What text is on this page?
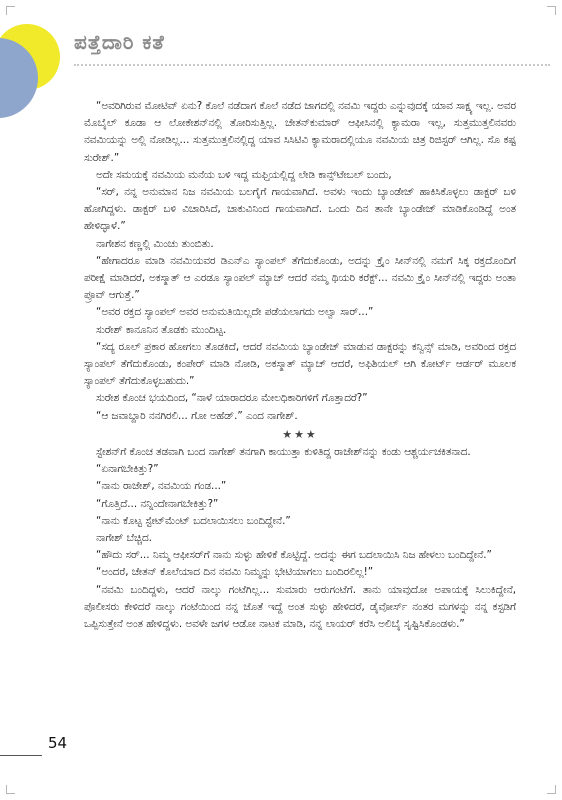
ಪತ್ತೆದಾರಿ ಕತೆ

“ಅವರಿಗಿರುವ ಮೋಟಿವ್ ಏನು? ಕೊಲೆ ನಡೆದಾಗ ಕೊಲೆ ನಡೆದ ಜಾಗದಲ್ಲಿ ನವಮಿ ಇದ್ದರು ಎನ್ನುವುದಕ್ಕೆ ಯಾವ ಸಾಕ್ಷ್ಯ ಇಲ್ಲ. ಅವರ ಮೊಬೈಲ್ ಕೂಡಾ ಆ ಲೋಕೇಶನ್‌ನಲ್ಲಿ ತೋರಿಸುತ್ತಿಲ್ಲ. ಚೇತನ್‌ಕುಮಾರ್ ಆಫೀಸಿನಲ್ಲಿ ಕ್ಯಾಮರಾ ಇಲ್ಲ, ಸುತ್ತಮುತ್ತಲಿನವರು ನವಮಿಯನ್ನು ಅಲ್ಲಿ ನೋಡಿಲ್ಲ... ಸುತ್ತಮುತ್ತಲಿನಲ್ಲಿದ್ದ ಯಾವ ಸಿಸಿಟಿವಿ ಕ್ಯಾಮರಾದಲ್ಲಿಯೂ ನವಮಿಯ ಚಿತ್ರ ರಿಜಿಸ್ಟರ್ ಆಗಿಲ್ಲ. ಸೊ ಕಷ್ಟ ಸುರೇಶ್.”

ಅದೇ ಸಮಯಕ್ಕೆ ನವಮಿಯ ಮನೆಯ ಬಳಿ ಇದ್ದ ಮಫ್ತಿಯಲ್ಲಿದ್ದ ಲೇಡಿ ಕಾನ್ಸ್‌ಟೇಬಲ್ ಬಂದು,

“ಸರ್, ನನ್ನ ಅನುಮಾನ ನಿಜ ನವಮಿಯ ಬಲಗೈಗೆ ಗಾಯವಾಗಿದೆ. ಅವಳು ಇಂದು ಬ್ಯಾಂಡೇಜ್ ಹಾಕಿಸಿಕೊಳ್ಳಲು ಡಾಕ್ಟರ್ ಬಳಿ ಹೋಗಿದ್ದಳು. ಡಾಕ್ಟರ್ ಬಳಿ ವಿಚಾರಿಸಿದೆ, ಚಾಕುವಿನಿಂದ ಗಾಯವಾಗಿದೆ. ಒಂದು ದಿನ ತಾನೇ ಬ್ಯಾಂಡೇಜ್ ಮಾಡಿಕೊಂಡಿದ್ದೆ ಅಂತ ಹೇಳಿದ್ಳಾಳೆ.”

ನಾಗೇಶನ ಕಣ್ಣಲ್ಲಿ ಮಿಂಚು ತುಂಬಿತು.

“ಹೇಗಾದರೂ ಮಾಡಿ ನವಮಿಯವರ ಡಿಎನ್‌ಎ ಸ್ಯಾಂಪಲ್ ತೆಗೆದುಕೊಂಡು, ಅದನ್ನು ಕ್ರೈಂ ಸೀನ್‌ನಲ್ಲಿ ನಮಗೆ ಸಿಕ್ಕ ರಕ್ತದೊಂದಿಗೆ ಪರೀಕ್ಷೆ ಮಾಡಿದರೆ, ಅಕಸ್ಮಾತ್ ಆ ಎರಡೂ ಸ್ಯಾಂಪಲ್ ಮ್ಯಾಚ್ ಆದರೆ ನಮ್ಮ ಥಿಯರಿ ಕರೆಕ್ಟ್... ನವಮಿ ಕ್ರೈಂ ಸೀನ್‌ನಲ್ಲಿ ಇದ್ದರು ಅಂತಾ ಪ್ರೂವ್ ಆಗುತ್ತೆ.”

“ಅವರ ರಕ್ತದ ಸ್ಯಾಂಪಲ್ ಅವರ ಅನುಮತಿಯಿಲ್ಲದೇ ಪಡೆಯಲಾಗದು ಅಲ್ವಾ ಸಾರ್...”

ಸುರೇಶ್ ಕಾನೂನಿನ ತೊಡಕು ಮುಂದಿಟ್ಟ.

“ಸದ್ಯ ರೂಲ್ ಪ್ರಕಾರ ಹೋಗಲು ತೊಡಕಿದೆ, ಆದರೆ ನವಮಿಯ ಬ್ಯಾಂಡೇಜ್ ಮಾಡುವ ಡಾಕ್ಟರನ್ನು ಕನ್ವಿನ್ಸ್ ಮಾಡಿ, ಅವರಿಂದ ರಕ್ತದ ಸ್ಯಾಂಪಲ್ ತೆಗೆದುಕೊಂಡು, ಕಂಪೇರ್ ಮಾಡಿ ನೋಡಿ, ಅಕಸ್ಮಾತ್ ಮ್ಯಾಚ್ ಆದರೆ, ಅಫಿಶಿಯಲ್ ಆಗಿ ಕೋರ್ಟ್ ಆರ್ಡರ್ ಮೂಲಕ ಸ್ಯಾಂಪಲ್ ತೆಗೆದುಕೊಳ್ಳಬಹುದು.”

ಸುರೇಶ ಕೊಂಚ ಭಯದಿಂದ, “ನಾಳೆ ಯಾರಾದರೂ ಮೇಲಧಿಕಾರಿಗಳಿಗೆ ಗೊತ್ತಾದರೆ?”

“ಆ ಜವಾಬ್ದಾರಿ ನನಗಿರಲಿ... ಗೋ ಅಹೆಡ್.” ಎಂದ ನಾಗೇಶ್.

★★★

ಸ್ಟೇಶನ್‌ಗೆ ಕೊಂಚ ತಡವಾಗಿ ಬಂದ ನಾಗೇಶ್ ತನಗಾಗಿ ಕಾಯುತ್ತಾ ಕುಳಿತಿದ್ದ ರಾಜೇಶ್‌ನನ್ನು ಕಂಡು ಆಶ್ಚರ್ಯಚಕಿತನಾದ.

“ಏನಾಗಬೇಕಿತ್ತು?”

“ನಾನು ರಾಜೇಶ್, ನವಮಿಯ ಗಂಡ...”

“ಗೊತ್ತಿದೆ... ನನ್ನಿಂದೇನಾಗಬೇಕಿತ್ತು?”

“ನಾನು ಕೊಟ್ಟ ಸ್ಟೇಟ್‌ಮೆಂಟ್ ಬದಲಾಯಿಸಲು ಬಂದಿದ್ದೇನೆ.”

ನಾಗೇಶ್ ಬೆಚ್ಚಿದ.

“ಹೌದು ಸರ್... ನಿಮ್ಮ ಆಫೀಸರ್‌ಗೆ ನಾನು ಸುಳ್ಳು ಹೇಳಿಕೆ ಕೊಟ್ಟಿದ್ದೆ. ಅದನ್ನು ಈಗ ಬದಲಾಯಿಸಿ ನಿಜ ಹೇಳಲು ಬಂದಿದ್ದೇನೆ.”

“ಅಂದರೆ, ಚೇತನ್ ಕೊಲೆಯಾದ ದಿನ ನವಮಿ ನಿಮ್ಮನ್ನು ಭೇಟಿಯಾಗಲು ಬಂದಿರಲಿಲ್ಲ!”

“ನವಮಿ ಬಂದಿದ್ದಳು, ಆದರೆ ನಾಲ್ಕು ಗಂಟೆಗಿಲ್ಲ... ಸುಮಾರು ಆರುಗಂಟೆಗೆ. ತಾನು ಯಾವುದೋ ಅಪಾಯಕ್ಕೆ ಸಿಲುಕಿದ್ದೇನೆ, ಪೊಲೀಸರು ಕೇಳಿದರೆ ನಾಲ್ಕು ಗಂಟೆಯಿಂದ ನನ್ನ ಜೊತೆ ಇದ್ದೆ ಅಂತ ಸುಳ್ಳು ಹೇಳಿದರೆ, ಡೈವೋರ್ಸ್ ನಂತರ ಮಗಳನ್ನು ನನ್ನ ಕಸ್ಟಡಿಗೆ ಒಪ್ಪಿಸುತ್ತೇನೆ ಅಂತ ಹೇಳಿದ್ದಳು. ಅವಳೇ ಜಗಳ ಆಡೋ ನಾಟಕ ಮಾಡಿ, ನನ್ನ ಲಾಯರ್ ಕರೆಸಿ ಅಲಿಬೈ ಸೃಷ್ಟಿಸಿಕೊಂಡಳು.”

54
